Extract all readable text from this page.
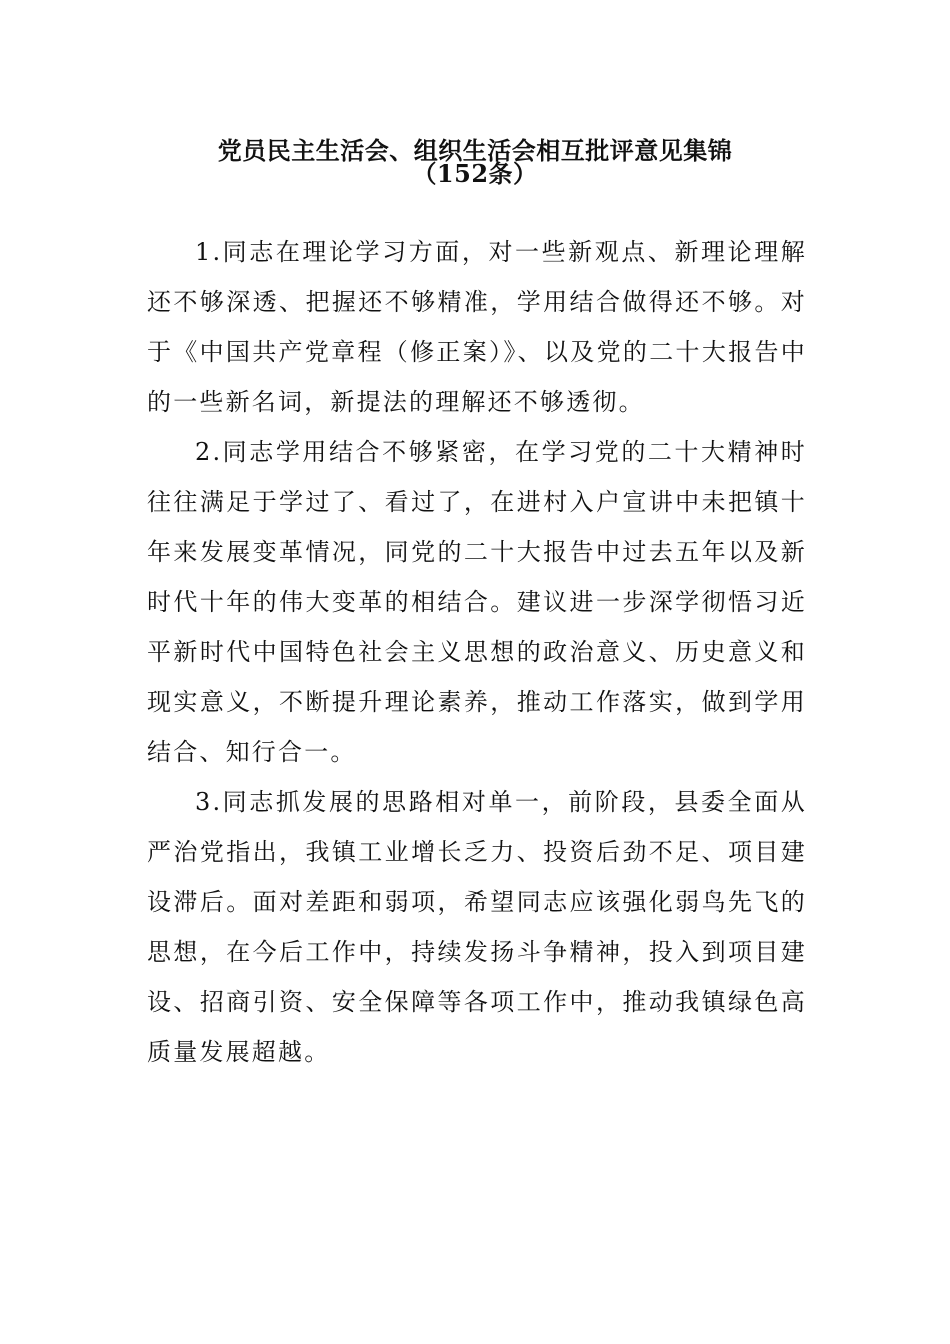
党员民主生活会、组织生活会相互批评意见集锦
（152条）

1.同志在理论学习方面，对一些新观点、新理论理解还不够深透、把握还不够精准，学用结合做得还不够。对于《中国共产党章程（修正案）》、以及党的二十大报告中的一些新名词，新提法的理解还不够透彻。

2.同志学用结合不够紧密，在学习党的二十大精神时往往满足于学过了、看过了，在进村入户宣讲中未把镇十年来发展变革情况，同党的二十大报告中过去五年以及新时代十年的伟大变革的相结合。建议进一步深学彻悟习近平新时代中国特色社会主义思想的政治意义、历史意义和现实意义，不断提升理论素养，推动工作落实，做到学用结合、知行合一。

3.同志抓发展的思路相对单一，前阶段，县委全面从严治党指出，我镇工业增长乏力、投资后劲不足、项目建设滞后。面对差距和弱项，希望同志应该强化弱鸟先飞的思想，在今后工作中，持续发扬斗争精神，投入到项目建设、招商引资、安全保障等各项工作中，推动我镇绿色高质量发展超越。
